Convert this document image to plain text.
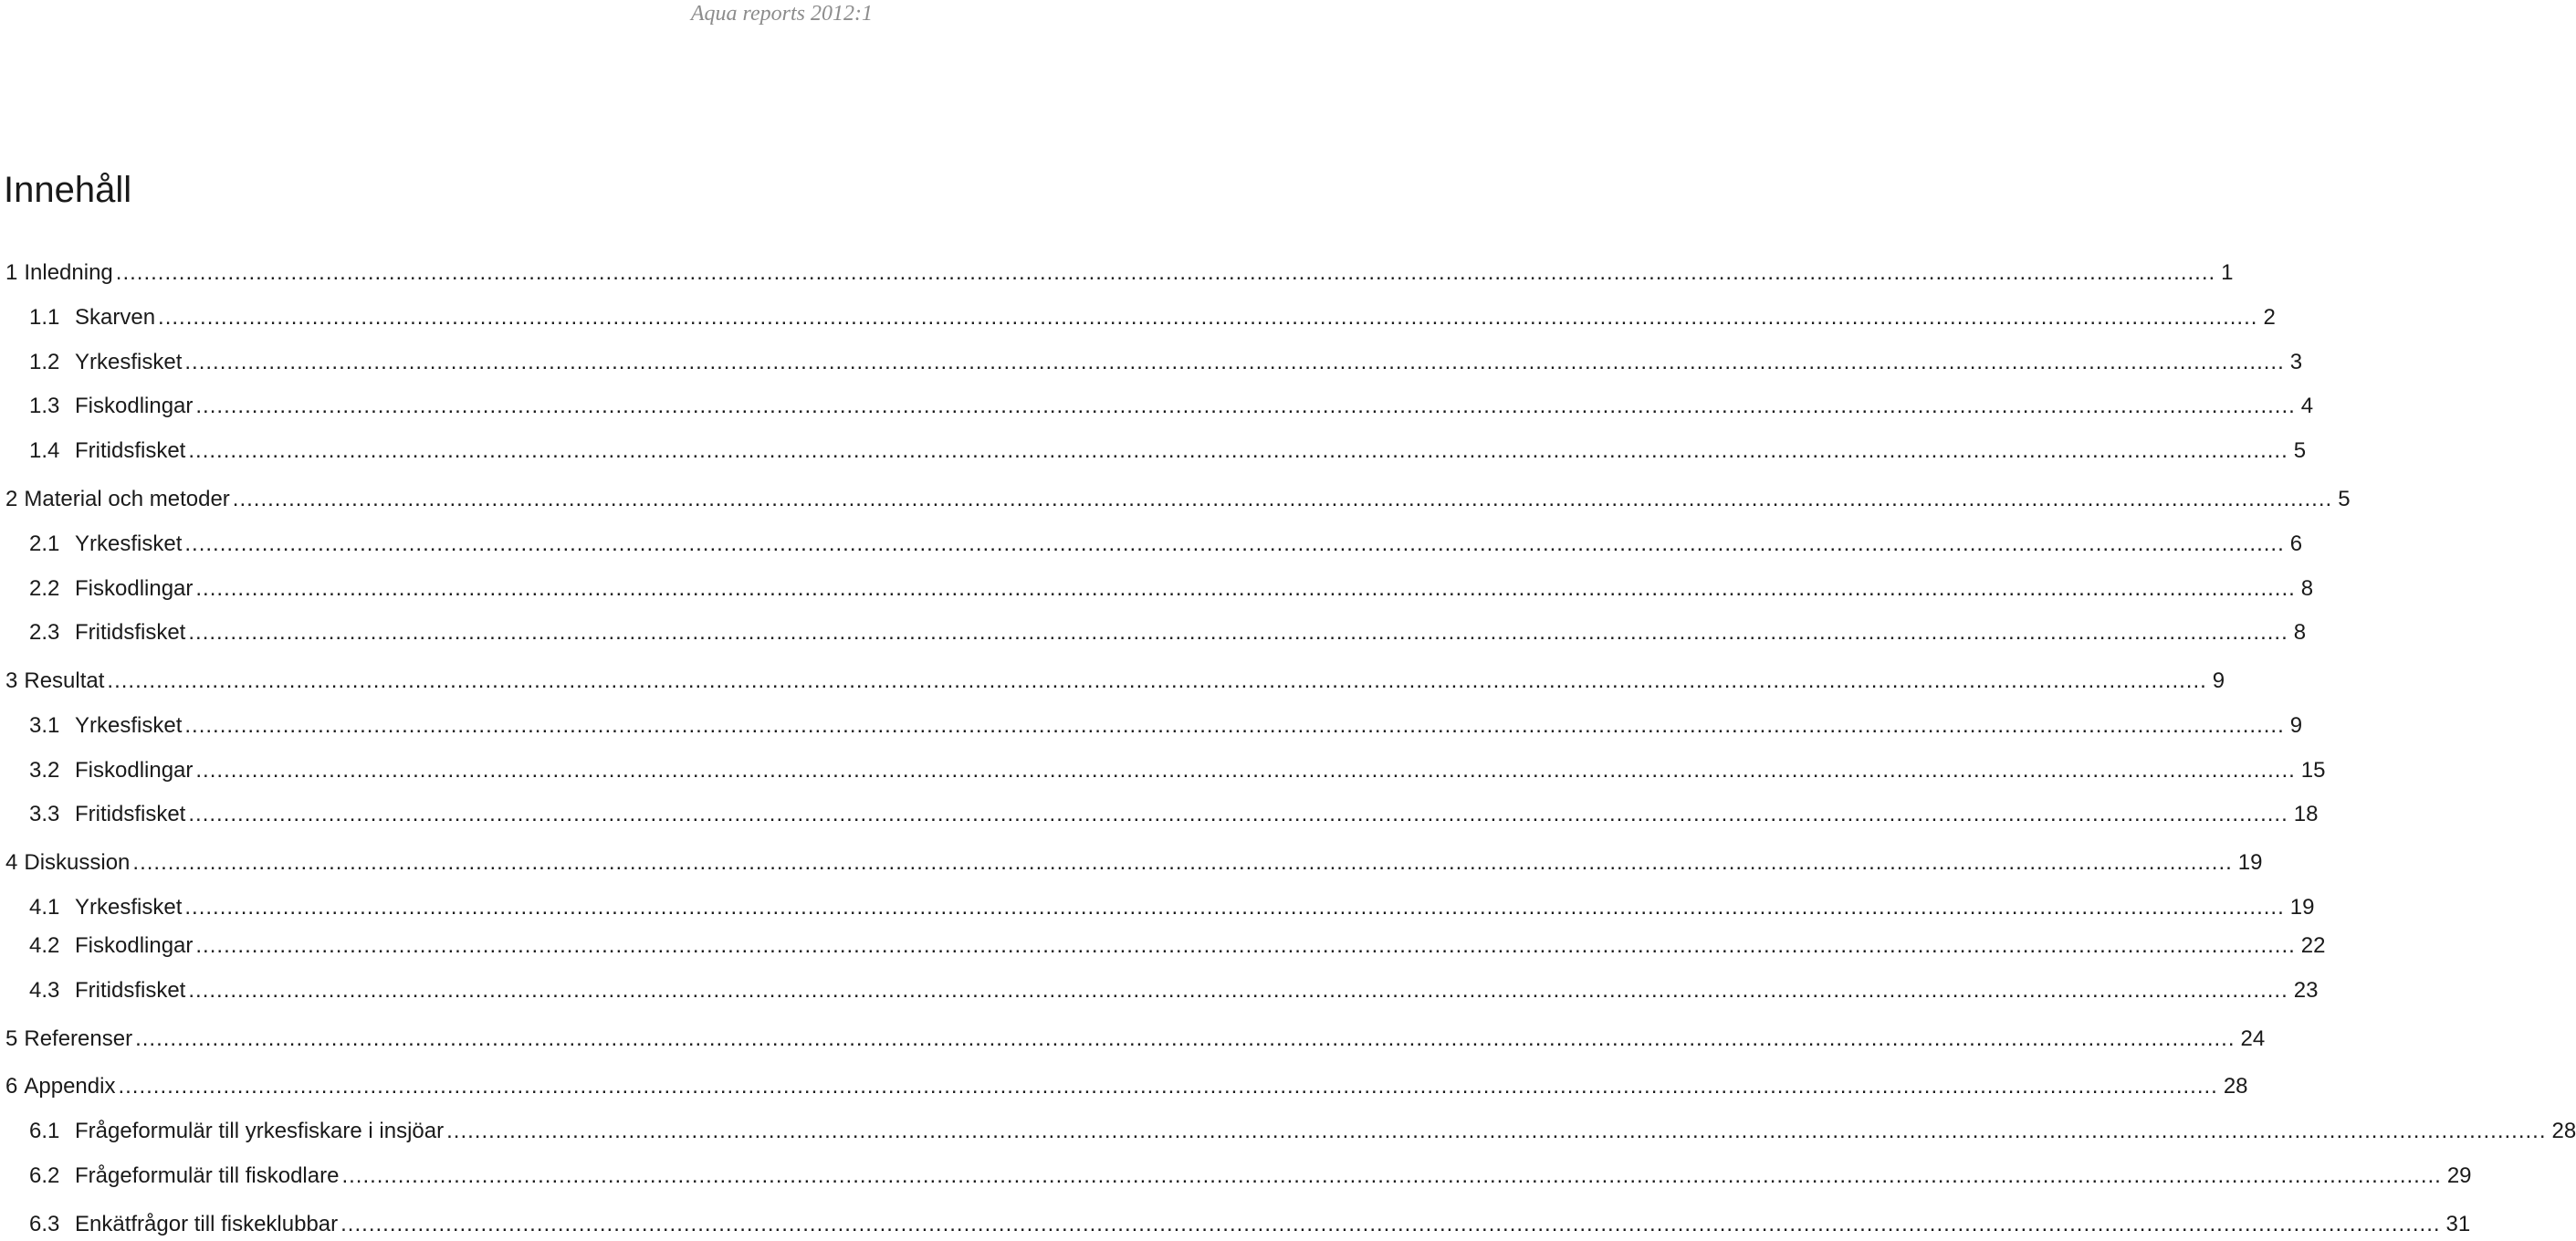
Aqua reports 2012:1
Innehåll
1 Inledning ............................................................................................................................................................................................................................................................................................................ 1
1.1 Skarven ............................................................................................................................................................................................................................................................................................................ 2
1.2 Yrkesfisket ............................................................................................................................................................................................................................................................................................................ 3
1.3 Fiskodlingar ............................................................................................................................................................................................................................................................................................................ 4
1.4 Fritidsfisket ............................................................................................................................................................................................................................................................................................................ 5
2 Material och metoder ............................................................................................................................................................................................................................................................................................................ 5
2.1 Yrkesfisket ............................................................................................................................................................................................................................................................................................................ 6
2.2 Fiskodlingar ............................................................................................................................................................................................................................................................................................................ 8
2.3 Fritidsfisket ............................................................................................................................................................................................................................................................................................................ 8
3 Resultat ............................................................................................................................................................................................................................................................................................................ 9
3.1 Yrkesfisket ............................................................................................................................................................................................................................................................................................................ 9
3.2 Fiskodlingar ............................................................................................................................................................................................................................................................................................................ 15
3.3 Fritidsfisket ............................................................................................................................................................................................................................................................................................................ 18
4 Diskussion ............................................................................................................................................................................................................................................................................................................ 19
4.1 Yrkesfisket ............................................................................................................................................................................................................................................................................................................ 19
4.2 Fiskodlingar ............................................................................................................................................................................................................................................................................................................ 22
4.3 Fritidsfisket ............................................................................................................................................................................................................................................................................................................ 23
5 Referenser ............................................................................................................................................................................................................................................................................................................ 24
6 Appendix ............................................................................................................................................................................................................................................................................................................ 28
6.1 Frågeformulär till yrkesfiskare i insjöar ............................................................................................................................................................................................................................................................................................................ 28
6.2 Frågeformulär till fiskodlare ............................................................................................................................................................................................................................................................................................................ 29
6.3 Enkätfrågor till fiskeklubbar ............................................................................................................................................................................................................................................................................................................ 31
